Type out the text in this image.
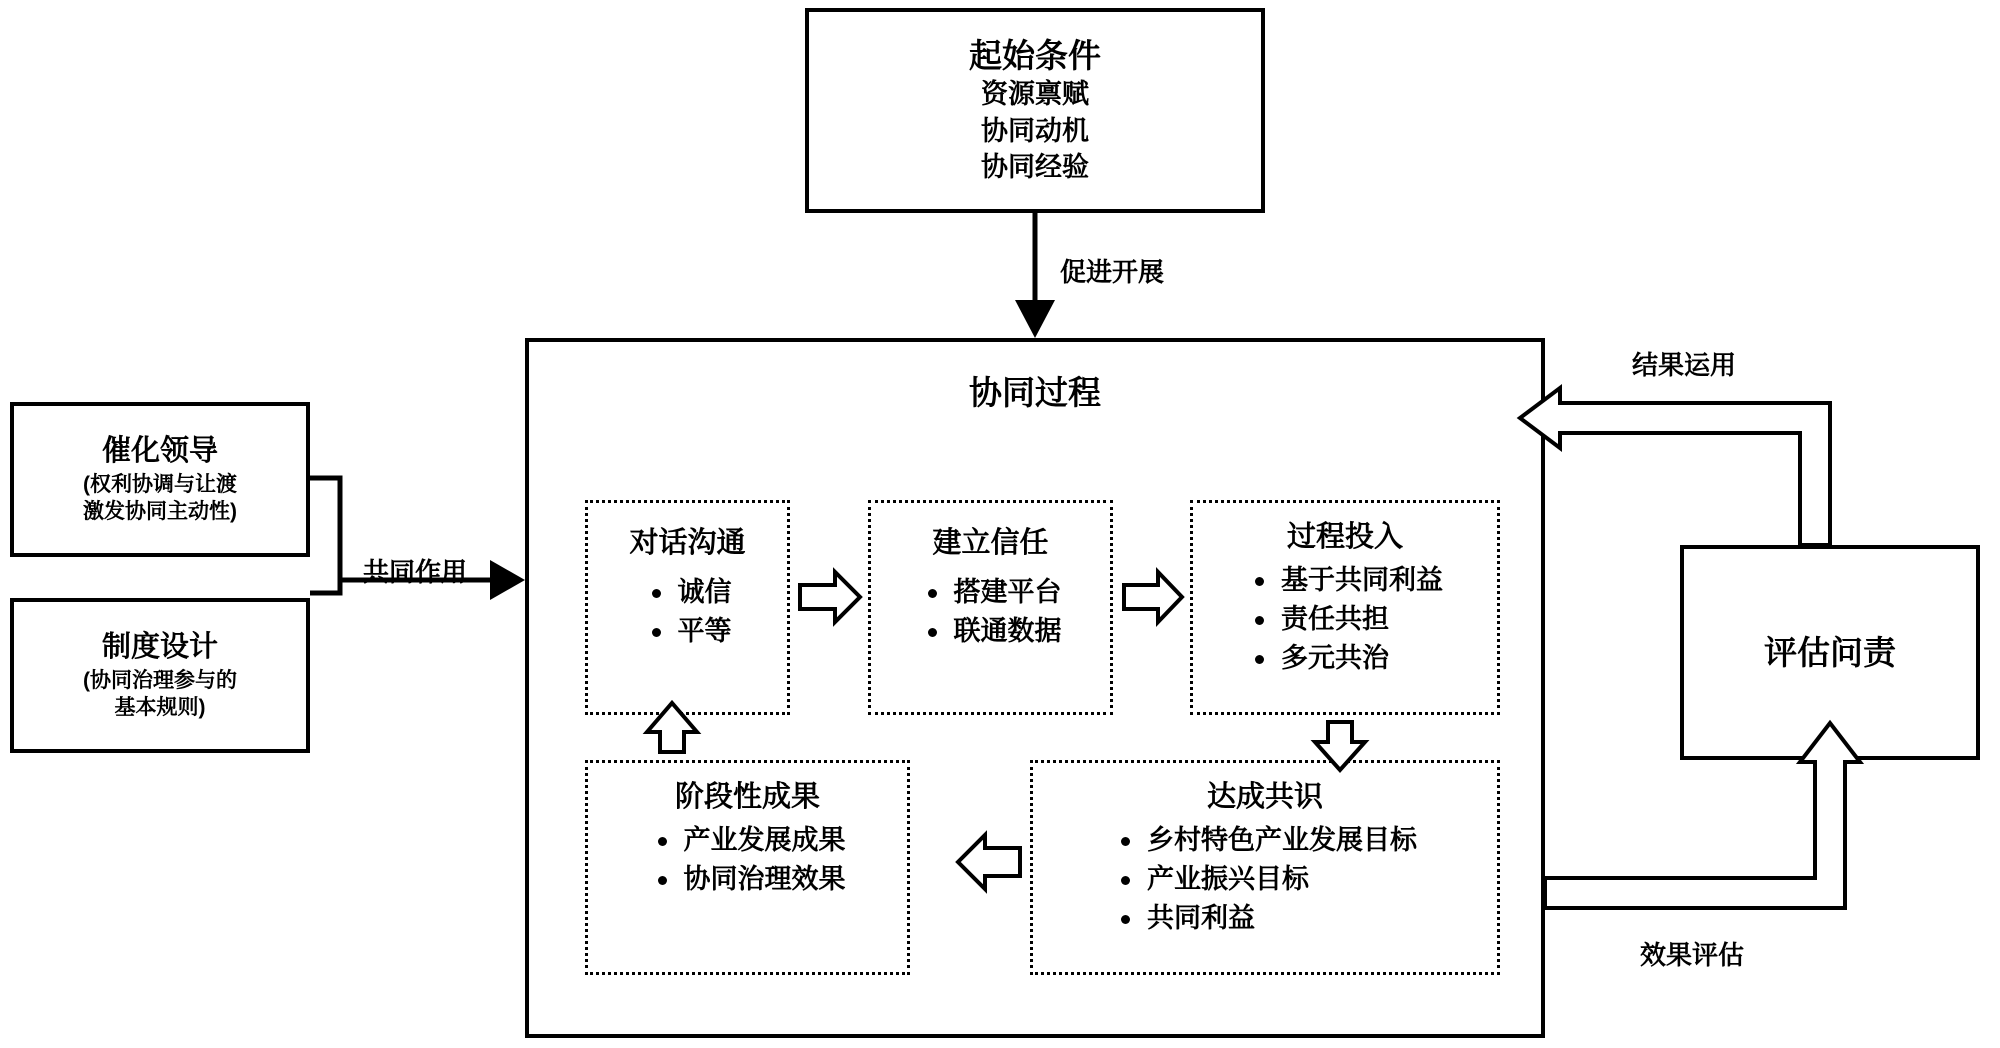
起始条件
资源禀赋
协同动机
协同经验
催化领导
(权利协调与让渡
激发协同主动性)
制度设计
(协同治理参与的
基本规则)
协同过程
对话沟通
诚信
平等
建立信任
搭建平台
联通数据
过程投入
基于共同利益
责任共担
多元共治
达成共识
乡村特色产业发展目标
产业振兴目标
共同利益
阶段性成果
产业发展成果
协同治理效果
评估问责
促进开展
共同作用
结果运用
效果评估
